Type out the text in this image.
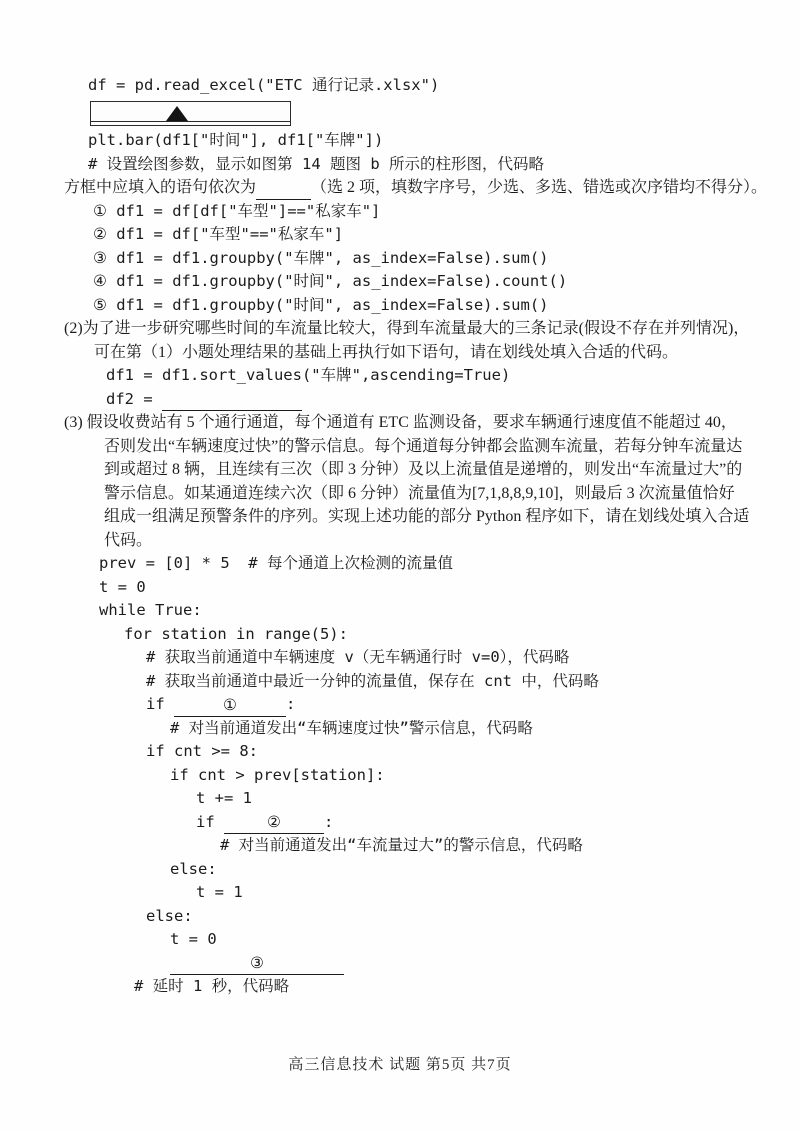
df = pd.read_excel("ETC 通行记录.xlsx")
plt.bar(df1["时间"], df1["车牌"])
# 设置绘图参数，显示如图第 14 题图 b 所示的柱形图，代码略
方框中应填入的语句依次为	（选 2 项，填数字序号，少选、多选、错选或次序错均不得分）。
① df1 = df[df["车型"]=="私家车"]
② df1 = df["车型"=="私家车"]
③ df1 = df1.groupby("车牌", as_index=False).sum()
④ df1 = df1.groupby("时间", as_index=False).count()
⑤ df1 = df1.groupby("时间", as_index=False).sum()
(2)为了进一步研究哪些时间的车流量比较大，得到车流量最大的三条记录(假设不存在并列情况)，
可在第（1）小题处理结果的基础上再执行如下语句，请在划线处填入合适的代码。
df1 = df1.sort_values("车牌",ascending=True)
df2 =
(3) 假设收费站有 5 个通行通道，每个通道有 ETC 监测设备，要求车辆通行速度值不能超过 40，
否则发出“车辆速度过快”的警示信息。每个通道每分钟都会监测车流量，若每分钟车流量达
到或超过 8 辆，且连续有三次（即 3 分钟）及以上流量值是递增的，则发出“车流量过大”的
警示信息。如某通道连续六次（即 6 分钟）流量值为[7,1,8,8,9,10]，则最后 3 次流量值恰好
组成一组满足预警条件的序列。实现上述功能的部分 Python 程序如下，请在划线处填入合适
代码。
prev = [0] * 5  # 每个通道上次检测的流量值
t = 0
while True:
for station in range(5):
# 获取当前通道中车辆速度 v（无车辆通行时 v=0），代码略
# 获取当前通道中最近一分钟的流量值，保存在 cnt 中，代码略
if	①	:
# 对当前通道发出“车辆速度过快”警示信息，代码略
if cnt >= 8:
if cnt > prev[station]:
t += 1
if	②	:
# 对当前通道发出“车流量过大”的警示信息，代码略
else:
t = 1
else:
t = 0
③
# 延时 1 秒，代码略
高三信息技术 试题 第5页 共7页
